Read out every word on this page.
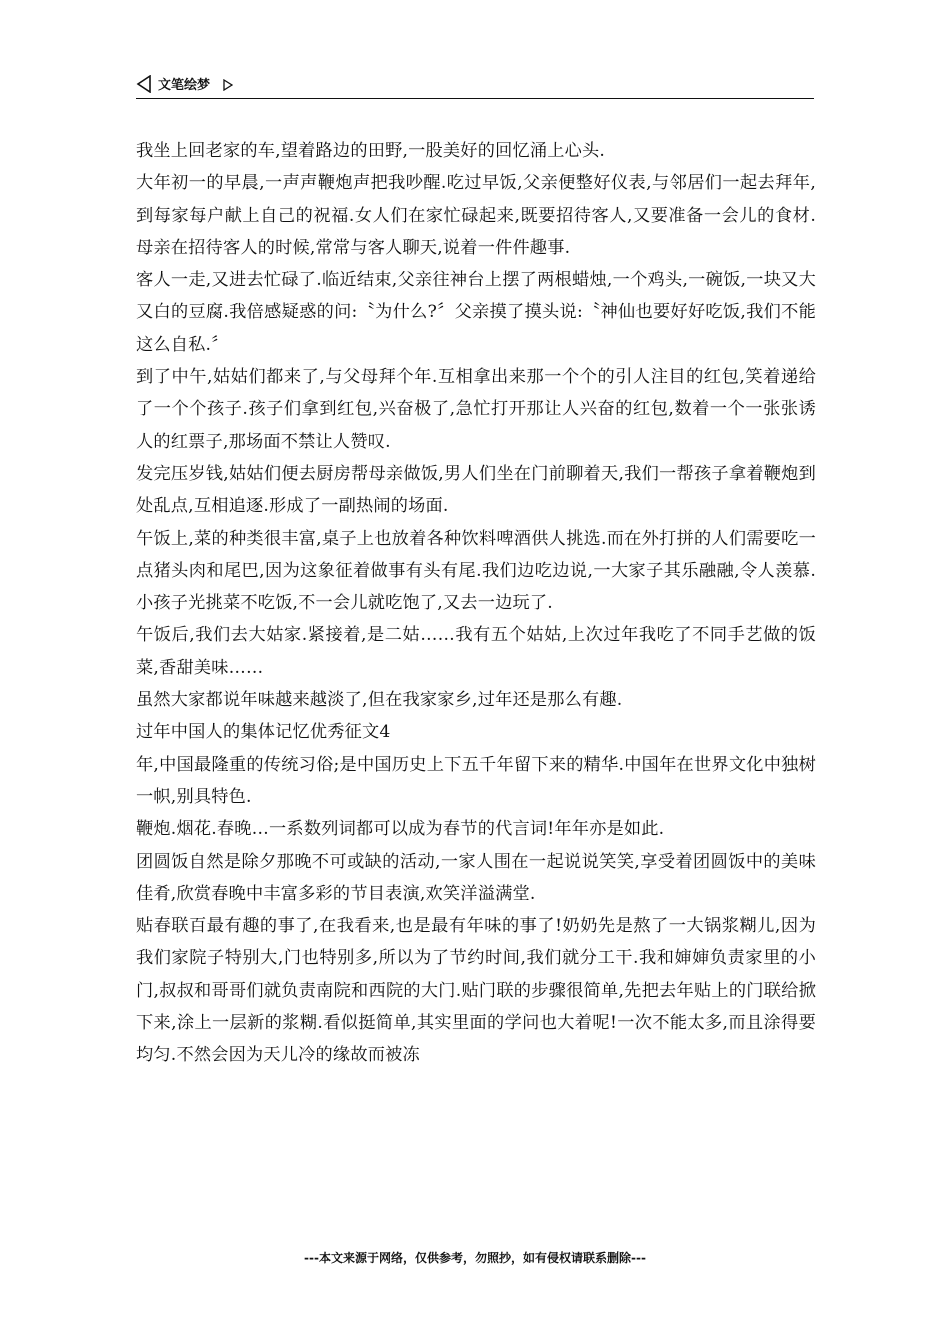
文笔绘梦

我坐上回老家的车,望着路边的田野,一股美好的回忆涌上心头.

大年初一的早晨,一声声鞭炮声把我吵醒.吃过早饭,父亲便整好仪表,与邻居们一起去拜年,到每家每户献上自己的祝福.女人们在家忙碌起来,既要招待客人,又要准备一会儿的食材.母亲在招待客人的时候,常常与客人聊天,说着一件件趣事.

客人一走,又进去忙碌了.临近结束,父亲往神台上摆了两根蜡烛,一个鸡头,一碗饭,一块又大又白的豆腐.我倍感疑惑的问:〝为什么?〞父亲摸了摸头说:〝神仙也要好好吃饭,我们不能这么自私.〞

到了中午,姑姑们都来了,与父母拜个年.互相拿出来那一个个的引人注目的红包,笑着递给了一个个孩子.孩子们拿到红包,兴奋极了,急忙打开那让人兴奋的红包,数着一个一张张诱人的红票子,那场面不禁让人赞叹.

发完压岁钱,姑姑们便去厨房帮母亲做饭,男人们坐在门前聊着天,我们一帮孩子拿着鞭炮到处乱点,互相追逐.形成了一副热闹的场面.

午饭上,菜的种类很丰富,桌子上也放着各种饮料啤酒供人挑选.而在外打拼的人们需要吃一点猪头肉和尾巴,因为这象征着做事有头有尾.我们边吃边说,一大家子其乐融融,令人羡慕.小孩子光挑菜不吃饭,不一会儿就吃饱了,又去一边玩了.

午饭后,我们去大姑家.紧接着,是二姑……我有五个姑姑,上次过年我吃了不同手艺做的饭菜,香甜美味……

虽然大家都说年味越来越淡了,但在我家家乡,过年还是那么有趣.

过年中国人的集体记忆优秀征文4

年,中国最隆重的传统习俗;是中国历史上下五千年留下来的精华.中国年在世界文化中独树一帜,别具特色.

鞭炮.烟花.春晚…一系数列词都可以成为春节的代言词!年年亦是如此.

团圆饭自然是除夕那晚不可或缺的活动,一家人围在一起说说笑笑,享受着团圆饭中的美味佳肴,欣赏春晚中丰富多彩的节目表演,欢笑洋溢满堂.

贴春联百最有趣的事了,在我看来,也是最有年味的事了!奶奶先是熬了一大锅浆糊儿,因为我们家院子特别大,门也特别多,所以为了节约时间,我们就分工干.我和婶婶负责家里的小门,叔叔和哥哥们就负责南院和西院的大门.贴门联的步骤很简单,先把去年贴上的门联给掀下来,涂上一层新的浆糊.看似挺简单,其实里面的学问也大着呢!一次不能太多,而且涂得要均匀.不然会因为天儿冷的缘故而被冻

---本文来源于网络，仅供参考，勿照抄，如有侵权请联系删除---
